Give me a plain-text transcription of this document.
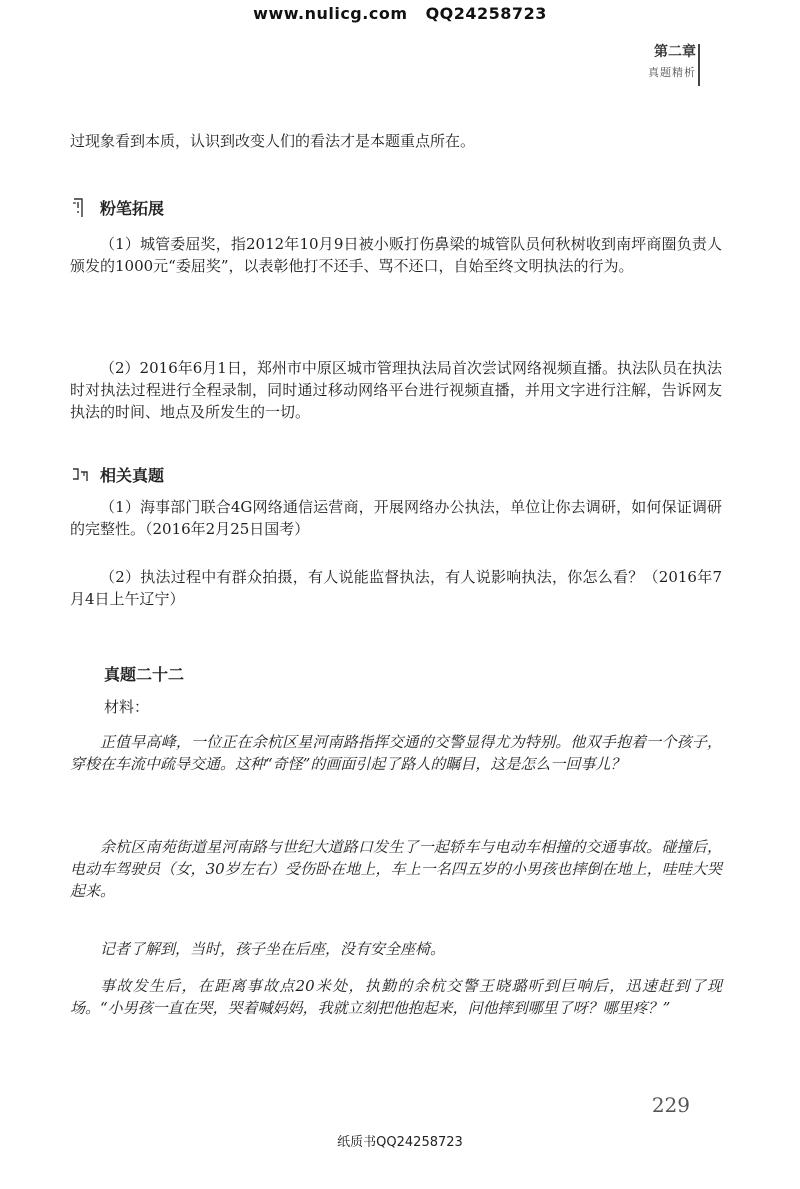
www.nulicg.com QQ24258723
第二章
真题精析
过现象看到本质，认识到改变人们的看法才是本题重点所在。
粉笔拓展
（1）城管委屈奖，指2012年10月9日被小贩打伤鼻梁的城管队员何秋树收到南坪商圈负责人颁发的1000元“委屈奖”，以表彰他打不还手、骂不还口，自始至终文明执法的行为。
（2）2016年6月1日，郑州市中原区城市管理执法局首次尝试网络视频直播。执法队员在执法时对执法过程进行全程录制，同时通过移动网络平台进行视频直播，并用文字进行注解，告诉网友执法的时间、地点及所发生的一切。
相关真题
（1）海事部门联合4G网络通信运营商，开展网络办公执法，单位让你去调研，如何保证调研的完整性。（2016年2月25日国考）
（2）执法过程中有群众拍摄，有人说能监督执法，有人说影响执法，你怎么看？（2016年7月4日上午辽宁）
真题二十二
材料：
正值早高峰，一位正在余杭区星河南路指挥交通的交警显得尤为特别。他双手抱着一个孩子，穿梭在车流中疏导交通。这种“奇怪”的画面引起了路人的瞩目，这是怎么一回事儿？
余杭区南苑街道星河南路与世纪大道路口发生了一起轿车与电动车相撞的交通事故。碰撞后，电动车驾驶员（女，30岁左右）受伤卧在地上，车上一名四五岁的小男孩也摔倒在地上，哇哇大哭起来。
记者了解到，当时，孩子坐在后座，没有安全座椅。
事故发生后，在距离事故点20米处，执勤的余杭交警王晓璐听到巨响后，迅速赶到了现场。“小男孩一直在哭，哭着喊妈妈，我就立刻把他抱起来，问他摔到哪里了呀？哪里疼？”
229
纸质书QQ24258723
